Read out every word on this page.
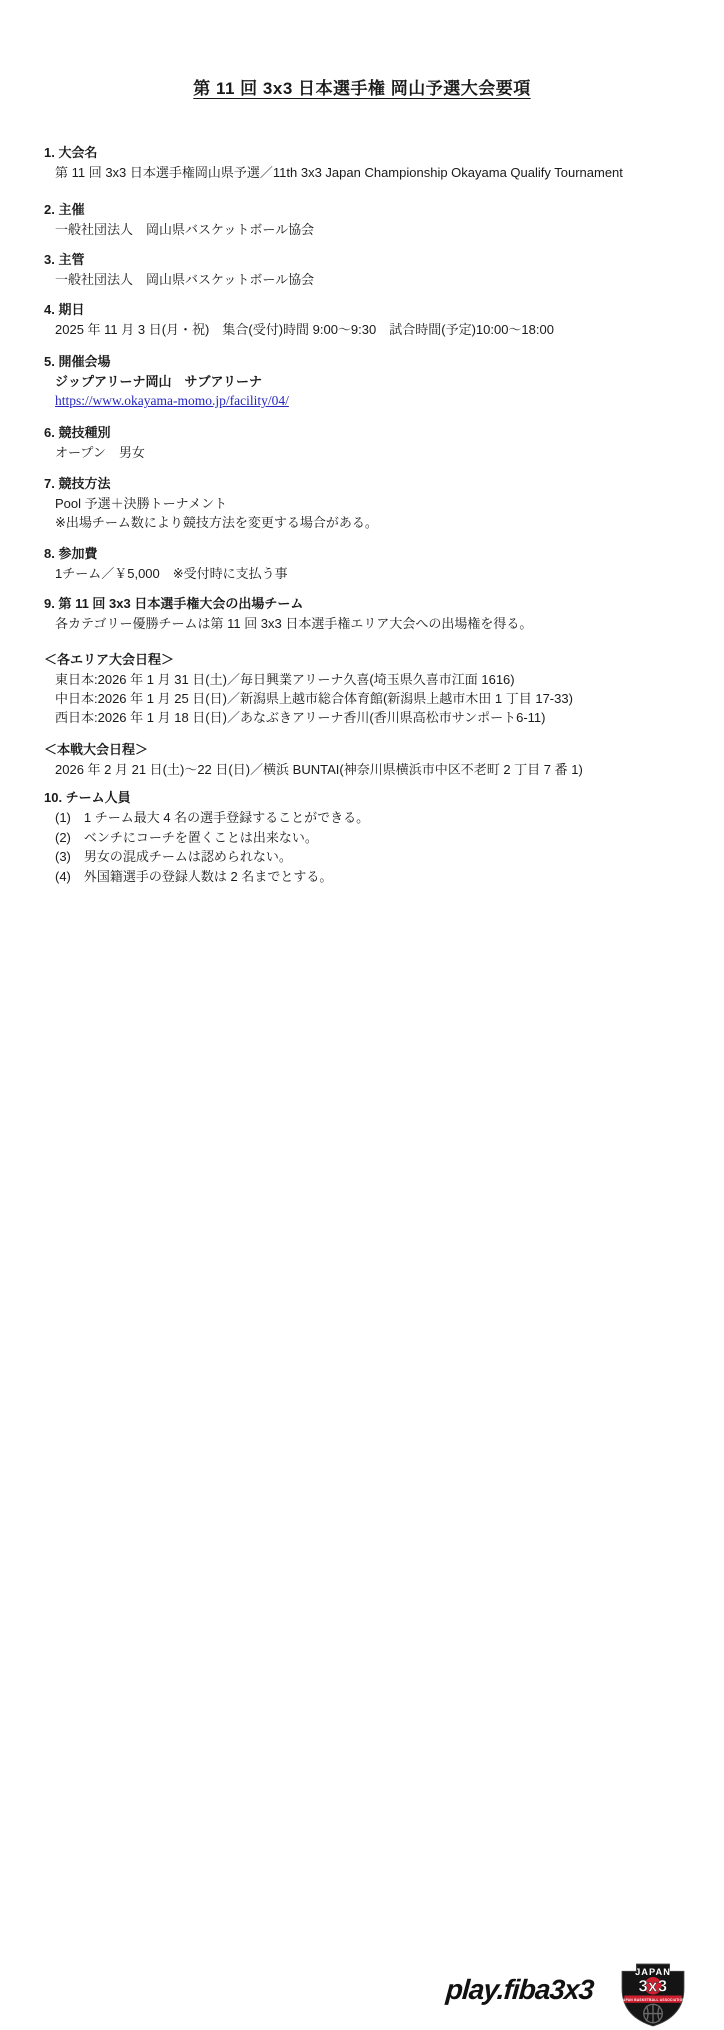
第 11 回 3x3 日本選手権 岡山予選大会要項
1. 大会名
第 11 回 3x3 日本選手権岡山県予選／11th 3x3 Japan Championship Okayama Qualify Tournament
2. 主催
一般社団法人　岡山県バスケットボール協会
3. 主管
一般社団法人　岡山県バスケットボール協会
4. 期日
2025 年 11 月 3 日(月・祝)　集合(受付)時間 9:00〜9:30　試合時間(予定)10:00〜18:00
5. 開催会場
ジップアリーナ岡山　サブアリーナ
https://www.okayama-momo.jp/facility/04/
6. 競技種別
オープン　男女
7. 競技方法
Pool 予選＋決勝トーナメント
※出場チーム数により競技方法を変更する場合がある。
8. 参加費
1チーム／￥5,000　※受付時に支払う事
9. 第 11 回 3x3 日本選手権大会の出場チーム
各カテゴリー優勝チームは第 11 回 3x3 日本選手権エリア大会への出場権を得る。
＜各エリア大会日程＞
東日本:2026 年 1 月 31 日(土)／毎日興業アリーナ久喜(埼玉県久喜市江面 1616)
中日本:2026 年 1 月 25 日(日)／新潟県上越市総合体育館(新潟県上越市木田 1 丁目 17-33)
西日本:2026 年 1 月 18 日(日)／あなぶきアリーナ香川(香川県高松市サンポート6-11)
＜本戦大会日程＞
2026 年 2 月 21 日(土)〜22 日(日)／横浜 BUNTAI(神奈川県横浜市中区不老町 2 丁目 7 番 1)
10. チーム人員
(1)　1 チーム最大 4 名の選手登録することができる。
(2)　ベンチにコーチを置くことは出来ない。
(3)　男女の混成チームは認められない。
(4)　外国籍選手の登録人数は 2 名までとする。
play.fiba3x3
JAPAN
3x3
JAPAN BASKETBALL ASSOCIATION
